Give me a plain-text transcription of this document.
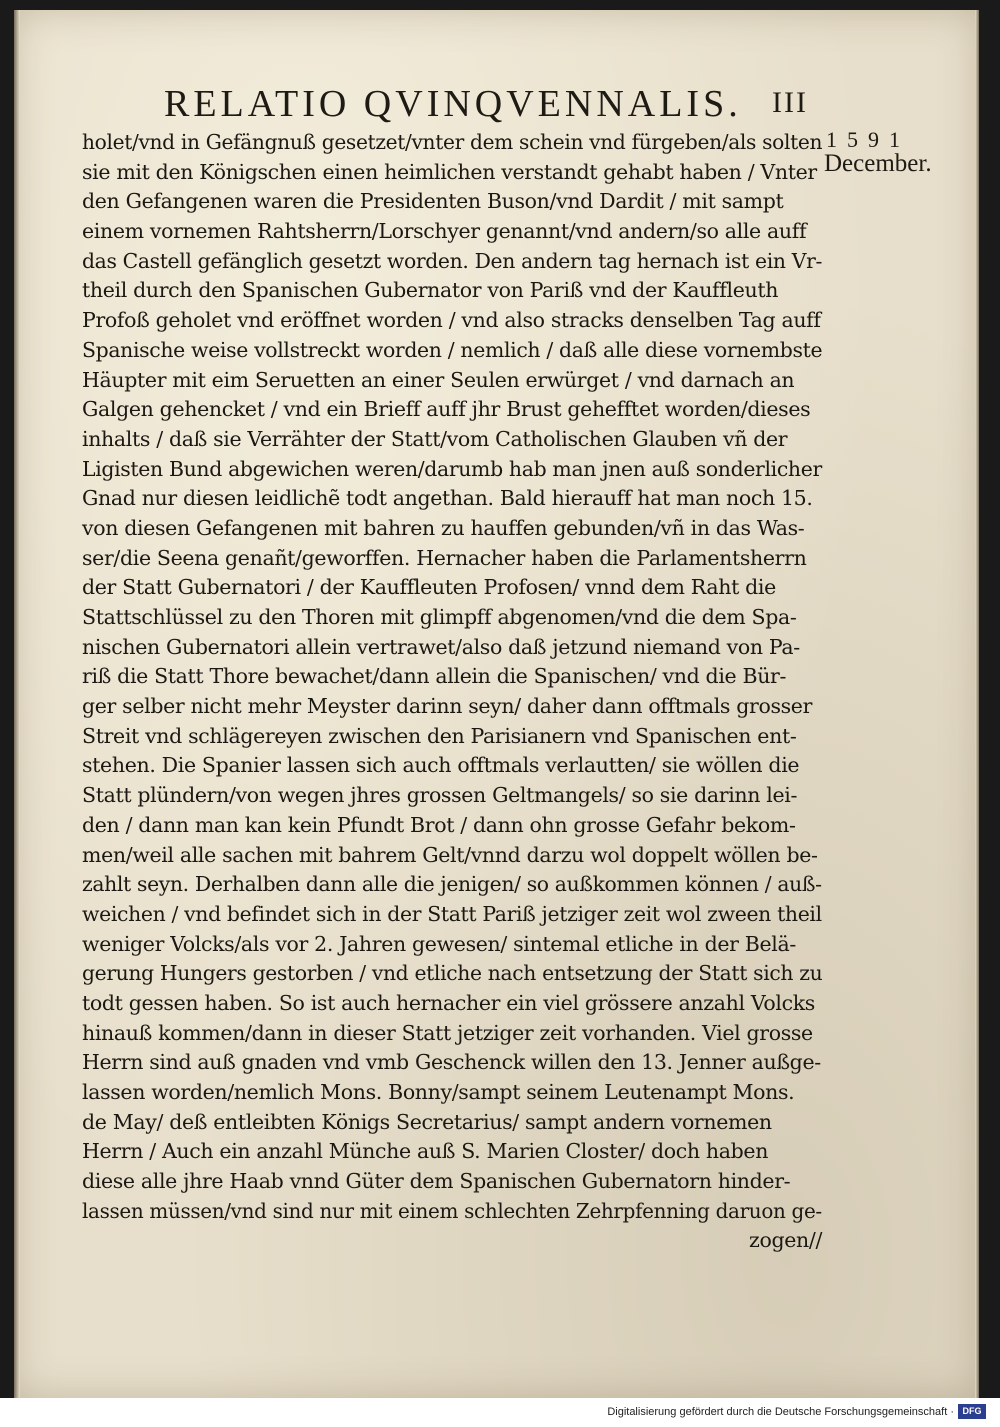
RELATIO QVINQVENNALIS. III
1591
December.
holet/vnd in Gefängnuß gesetzet/vnter dem schein vnd fürgeben/als solten
sie mit den Königschen einen heimlichen verstandt gehabt haben / Vnter
den Gefangenen waren die Presidenten Buson/vnd Dardit / mit sampt
einem vornemen Rahtsherrn/Lorschyer genannt/vnd andern/so alle auff
das Castell gefänglich gesetzt worden. Den andern tag hernach ist ein Vr-
theil durch den Spanischen Gubernator von Pariß vnd der Kauffleuth
Profoß geholet vnd eröffnet worden / vnd also stracks denselben Tag auff
Spanische weise vollstreckt worden / nemlich / daß alle diese vornembste
Häupter mit eim Seruetten an einer Seulen erwürget / vnd darnach an
Galgen gehencket / vnd ein Brieff auff jhr Brust gehefftet worden/dieses
inhalts / daß sie Verrähter der Statt/vom Catholischen Glauben vñ der
Ligisten Bund abgewichen weren/darumb hab man jnen auß sonderlicher
Gnad nur diesen leidlichẽ todt angethan. Bald hierauff hat man noch 15.
von diesen Gefangenen mit bahren zu hauffen gebunden/vñ in das Was-
ser/die Seena genañt/geworffen. Hernacher haben die Parlamentsherrn
der Statt Gubernatori / der Kauffleuten Profosen/ vnnd dem Raht die
Stattschlüssel zu den Thoren mit glimpff abgenomen/vnd die dem Spa-
nischen Gubernatori allein vertrawet/also daß jetzund niemand von Pa-
riß die Statt Thore bewachet/dann allein die Spanischen/ vnd die Bür-
ger selber nicht mehr Meyster darinn seyn/ daher dann offtmals grosser
Streit vnd schlägereyen zwischen den Parisianern vnd Spanischen ent-
stehen. Die Spanier lassen sich auch offtmals verlautten/ sie wöllen die
Statt plündern/von wegen jhres grossen Geltmangels/ so sie darinn lei-
den / dann man kan kein Pfundt Brot / dann ohn grosse Gefahr bekom-
men/weil alle sachen mit bahrem Gelt/vnnd darzu wol doppelt wöllen be-
zahlt seyn. Derhalben dann alle die jenigen/ so außkommen können / auß-
weichen / vnd befindet sich in der Statt Pariß jetziger zeit wol zween theil
weniger Volcks/als vor 2. Jahren gewesen/ sintemal etliche in der Belä-
gerung Hungers gestorben / vnd etliche nach entsetzung der Statt sich zu
todt gessen haben. So ist auch hernacher ein viel grössere anzahl Volcks
hinauß kommen/dann in dieser Statt jetziger zeit vorhanden. Viel grosse
Herrn sind auß gnaden vnd vmb Geschenck willen den 13. Jenner außge-
lassen worden/nemlich Mons. Bonny/sampt seinem Leutenampt Mons.
de May/ deß entleibten Königs Secretarius/ sampt andern vornemen
Herrn / Auch ein anzahl Münche auß S. Marien Closter/ doch haben
diese alle jhre Haab vnnd Güter dem Spanischen Gubernatorn hinder-
lassen müssen/vnd sind nur mit einem schlechten Zehrpfenning daruon ge-
zogen//
Digitalisierung gefördert durch die Deutsche Forschungsgemeinschaft · DFG
